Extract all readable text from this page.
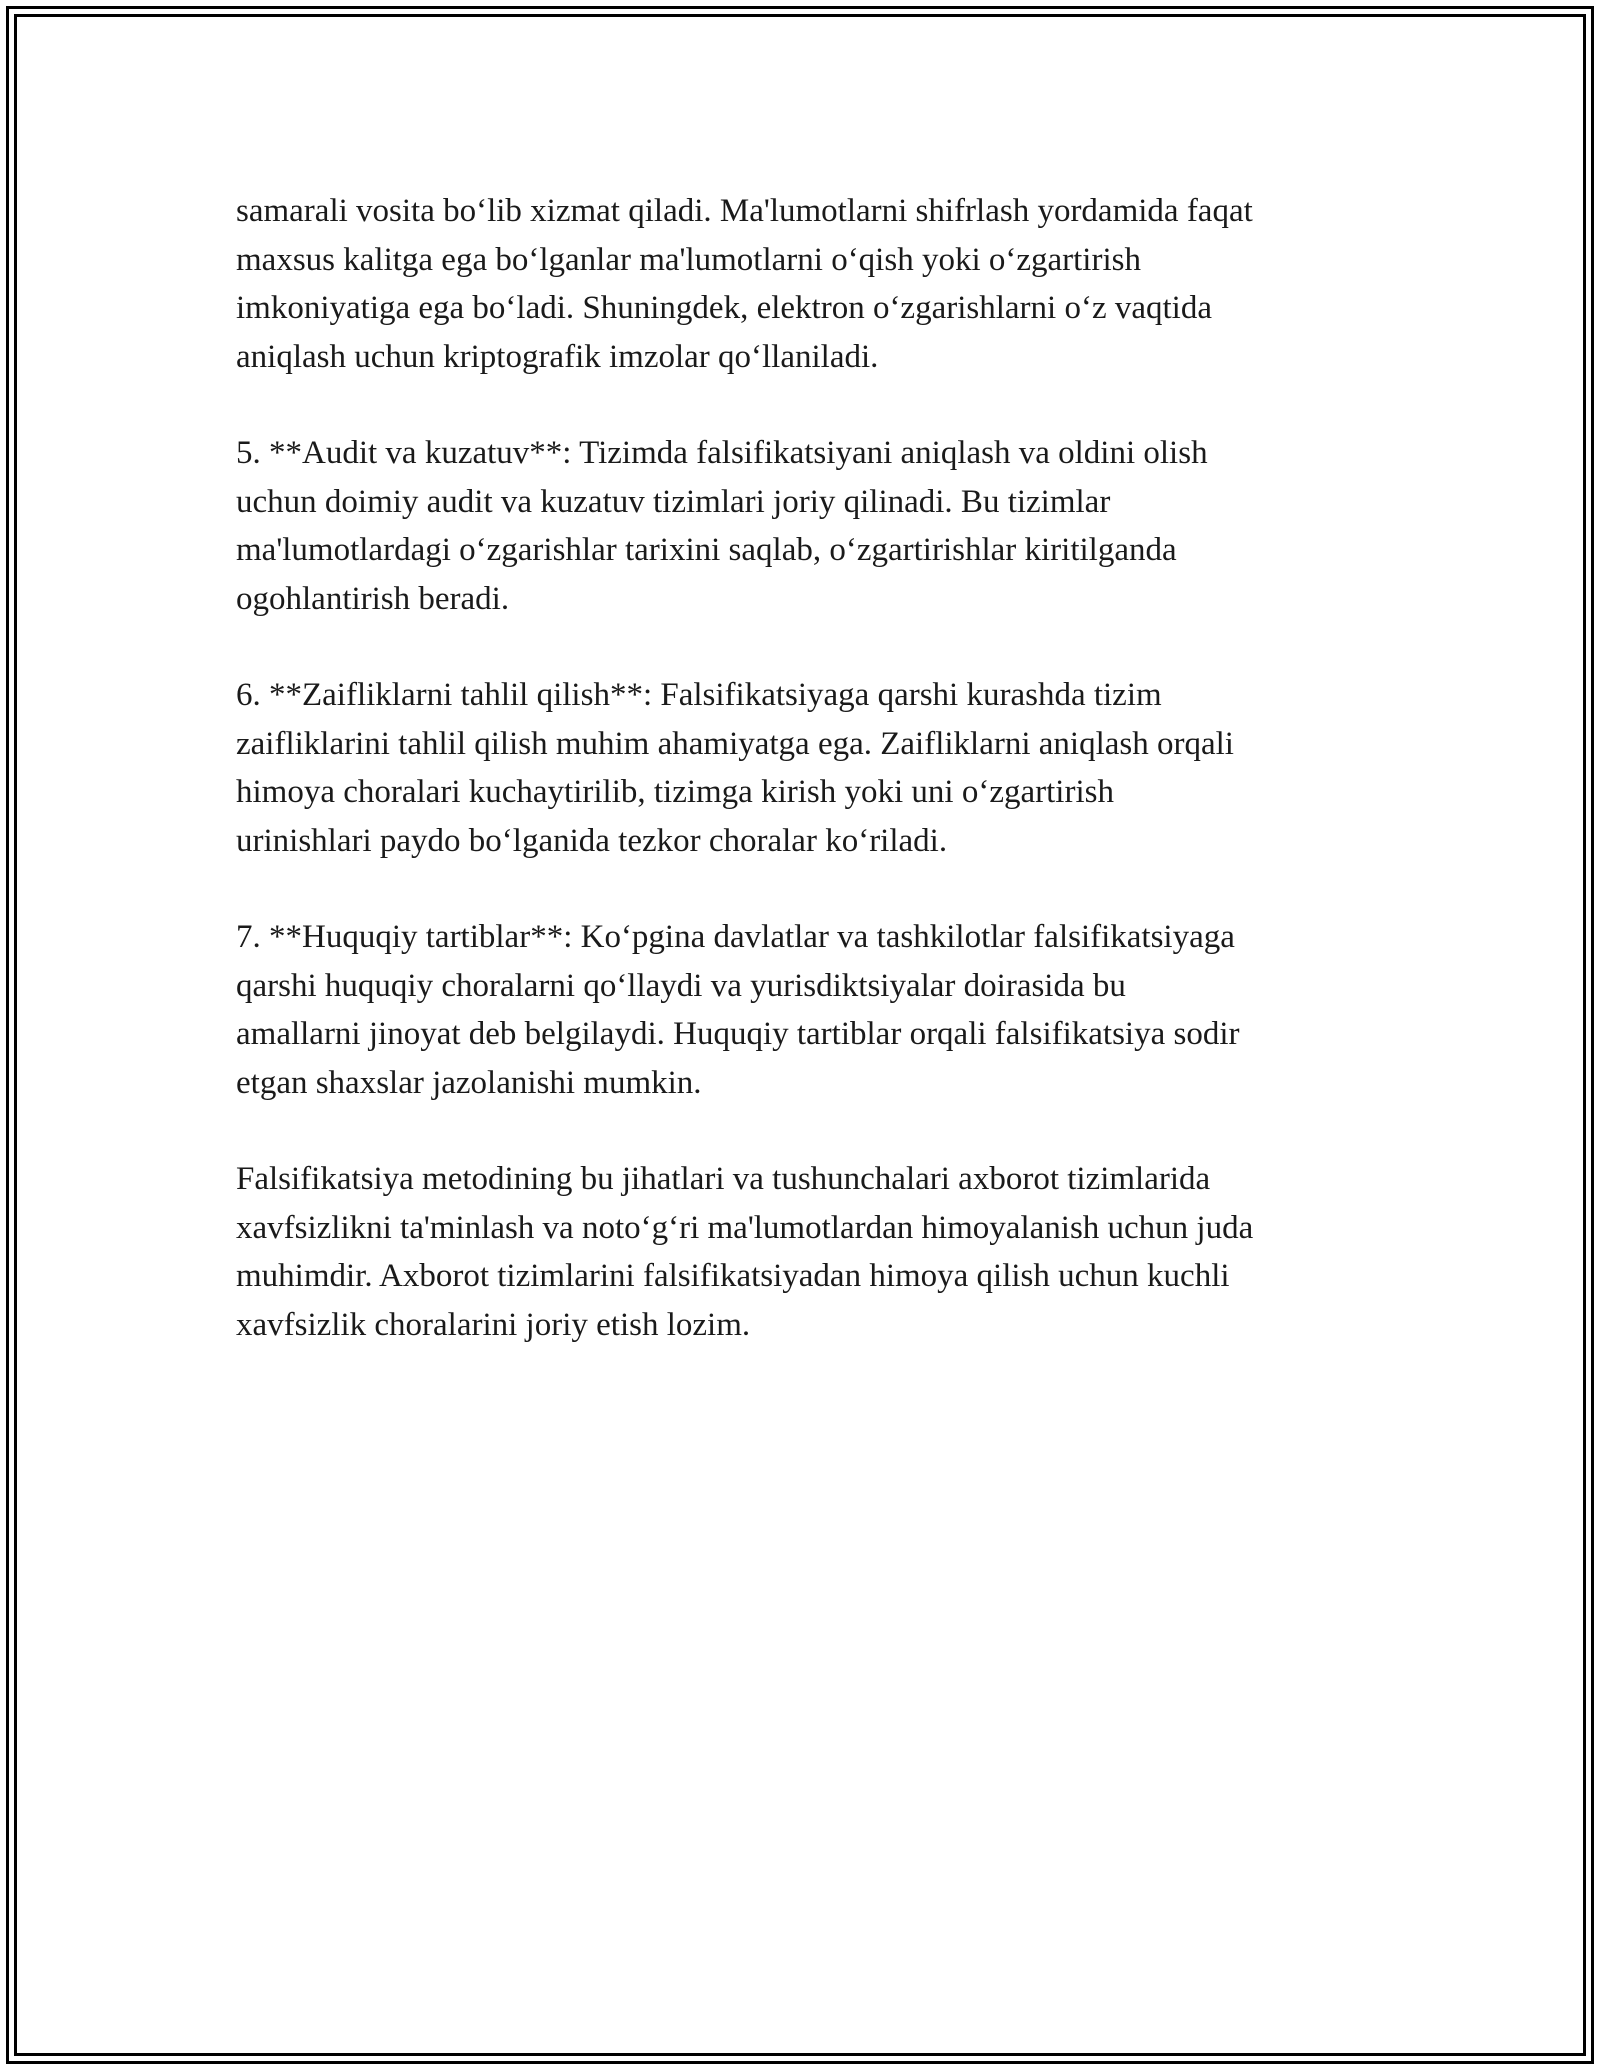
samarali vosita bo‘lib xizmat qiladi. Ma'lumotlarni shifrlash yordamida faqat
maxsus kalitga ega bo‘lganlar ma'lumotlarni o‘qish yoki o‘zgartirish
imkoniyatiga ega bo‘ladi. Shuningdek, elektron o‘zgarishlarni o‘z vaqtida
aniqlash uchun kriptografik imzolar qo‘llaniladi.

5. **Audit va kuzatuv**: Tizimda falsifikatsiyani aniqlash va oldini olish
uchun doimiy audit va kuzatuv tizimlari joriy qilinadi. Bu tizimlar
ma'lumotlardagi o‘zgarishlar tarixini saqlab, o‘zgartirishlar kiritilganda
ogohlantirish beradi.

6. **Zaifliklarni tahlil qilish**: Falsifikatsiyaga qarshi kurashda tizim
zaifliklarini tahlil qilish muhim ahamiyatga ega. Zaifliklarni aniqlash orqali
himoya choralari kuchaytirilib, tizimga kirish yoki uni o‘zgartirish
urinishlari paydo bo‘lganida tezkor choralar ko‘riladi.

7. **Huquqiy tartiblar**: Ko‘pgina davlatlar va tashkilotlar falsifikatsiyaga
qarshi huquqiy choralarni qo‘llaydi va yurisdiktsiyalar doirasida bu
amallarni jinoyat deb belgilaydi. Huquqiy tartiblar orqali falsifikatsiya sodir
etgan shaxslar jazolanishi mumkin.

Falsifikatsiya metodining bu jihatlari va tushunchalari axborot tizimlarida
xavfsizlikni ta'minlash va noto‘g‘ri ma'lumotlardan himoyalanish uchun juda
muhimdir. Axborot tizimlarini falsifikatsiyadan himoya qilish uchun kuchli
xavfsizlik choralarini joriy etish lozim.
